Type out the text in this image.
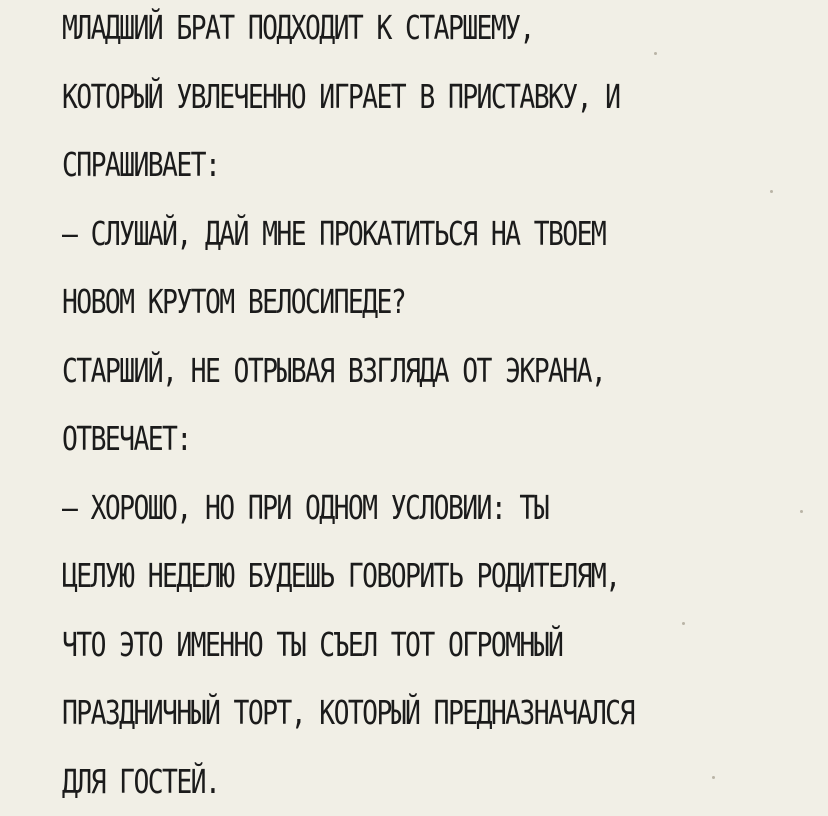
МЛАДШИЙ БРАТ ПОДХОДИТ К СТАРШЕМУ,
КОТОРЫЙ УВЛЕЧЕННО ИГРАЕТ В ПРИСТАВКУ, И
СПРАШИВАЕТ:
– СЛУШАЙ, ДАЙ МНЕ ПРОКАТИТЬСЯ НА ТВОЕМ
НОВОМ КРУТОМ ВЕЛОСИПЕДЕ?
СТАРШИЙ, НЕ ОТРЫВАЯ ВЗГЛЯДА ОТ ЭКРАНА,
ОТВЕЧАЕТ:
– ХОРОШО, НО ПРИ ОДНОМ УСЛОВИИ: ТЫ
ЦЕЛУЮ НЕДЕЛЮ БУДЕШЬ ГОВОРИТЬ РОДИТЕЛЯМ,
ЧТО ЭТО ИМЕННО ТЫ СЪЕЛ ТОТ ОГРОМНЫЙ
ПРАЗДНИЧНЫЙ ТОРТ, КОТОРЫЙ ПРЕДНАЗНАЧАЛСЯ
ДЛЯ ГОСТЕЙ.
